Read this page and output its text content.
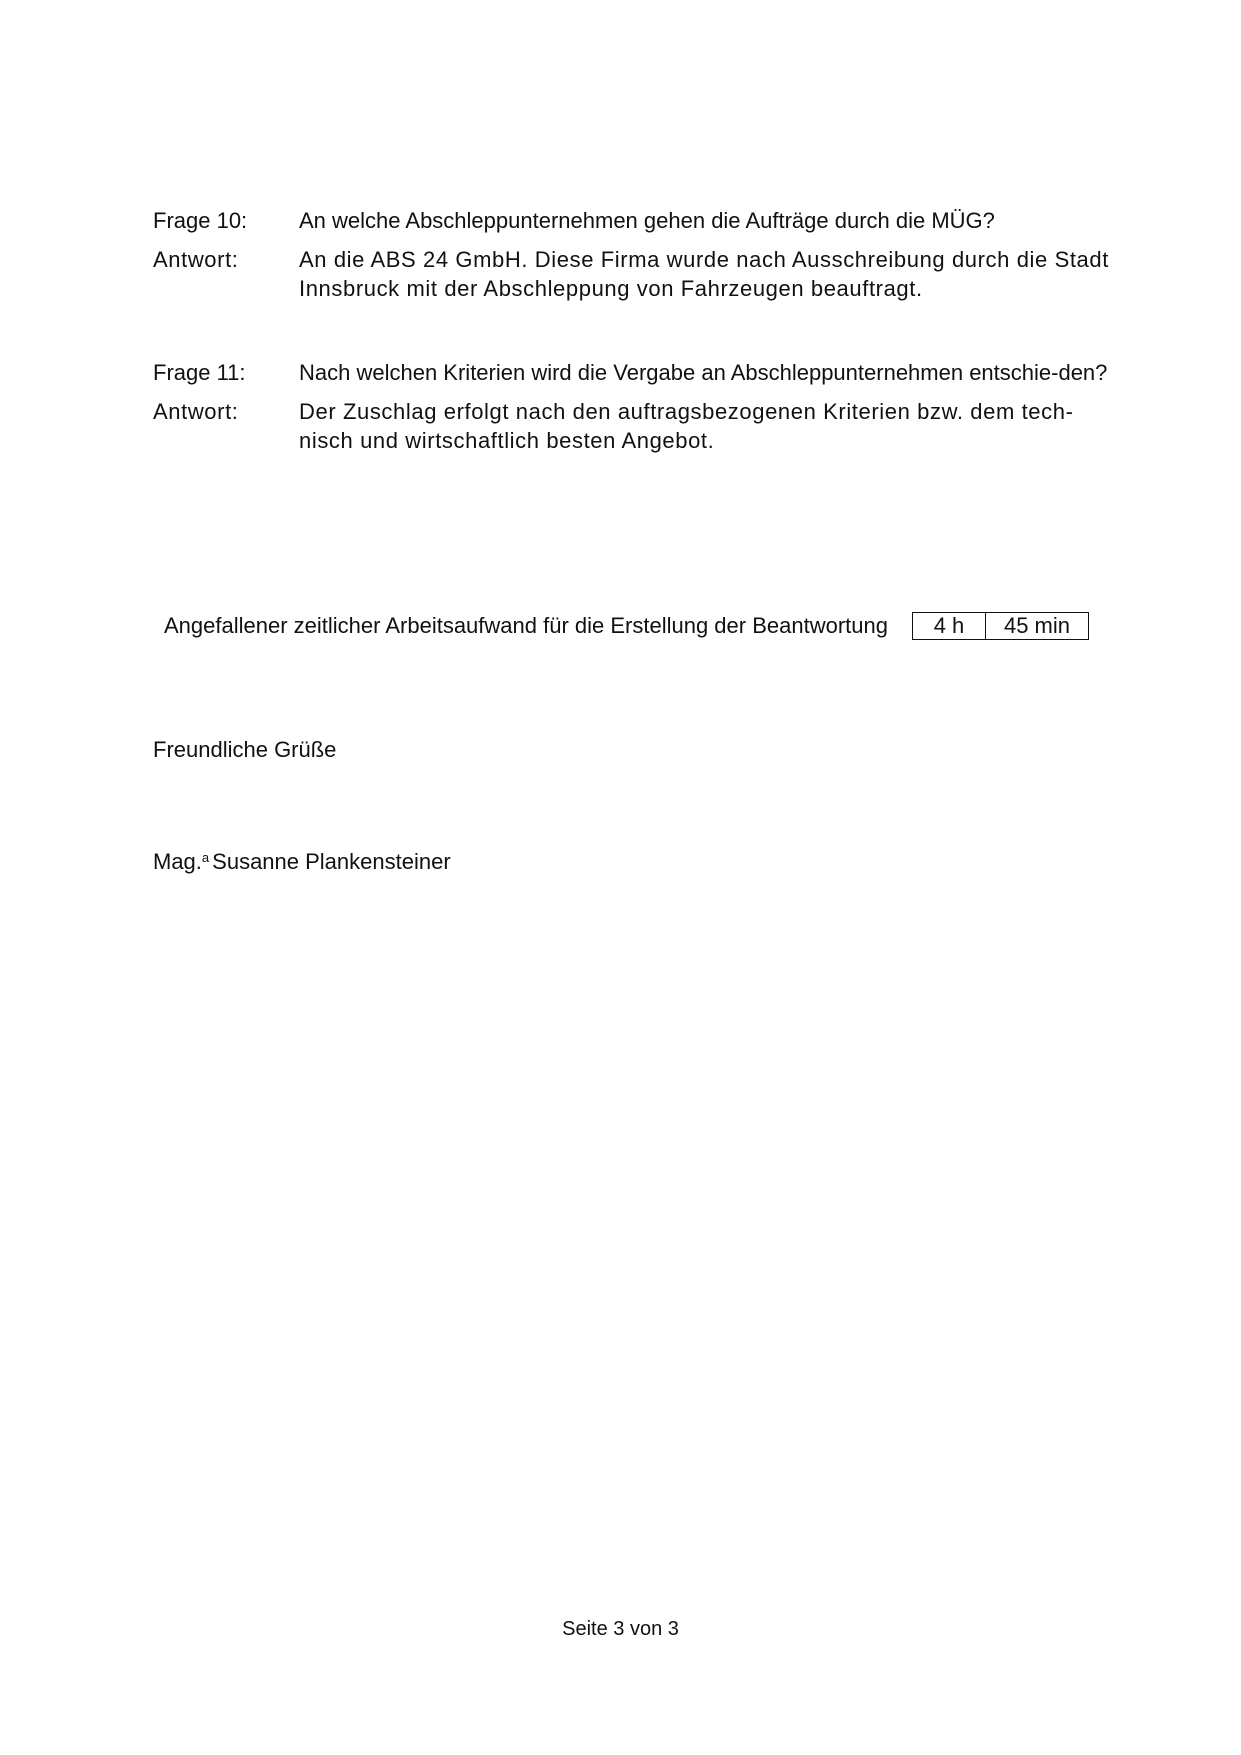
Frage 10:	An welche Abschleppunternehmen gehen die Aufträge durch die MÜG?
Antwort:	An die ABS 24 GmbH. Diese Firma wurde nach Ausschreibung durch die Stadt Innsbruck mit der Abschleppung von Fahrzeugen beauftragt.
Frage 11:	Nach welchen Kriterien wird die Vergabe an Abschleppunternehmen entschie-den?
Antwort:	Der Zuschlag erfolgt nach den auftragsbezogenen Kriterien bzw. dem tech-nisch und wirtschaftlich besten Angebot.
Angefallener zeitlicher Arbeitsaufwand für die Erstellung der Beantwortung	4 h	45 min
Freundliche Grüße
Mag.$^a$ Susanne Plankensteiner
Seite 3 von 3
